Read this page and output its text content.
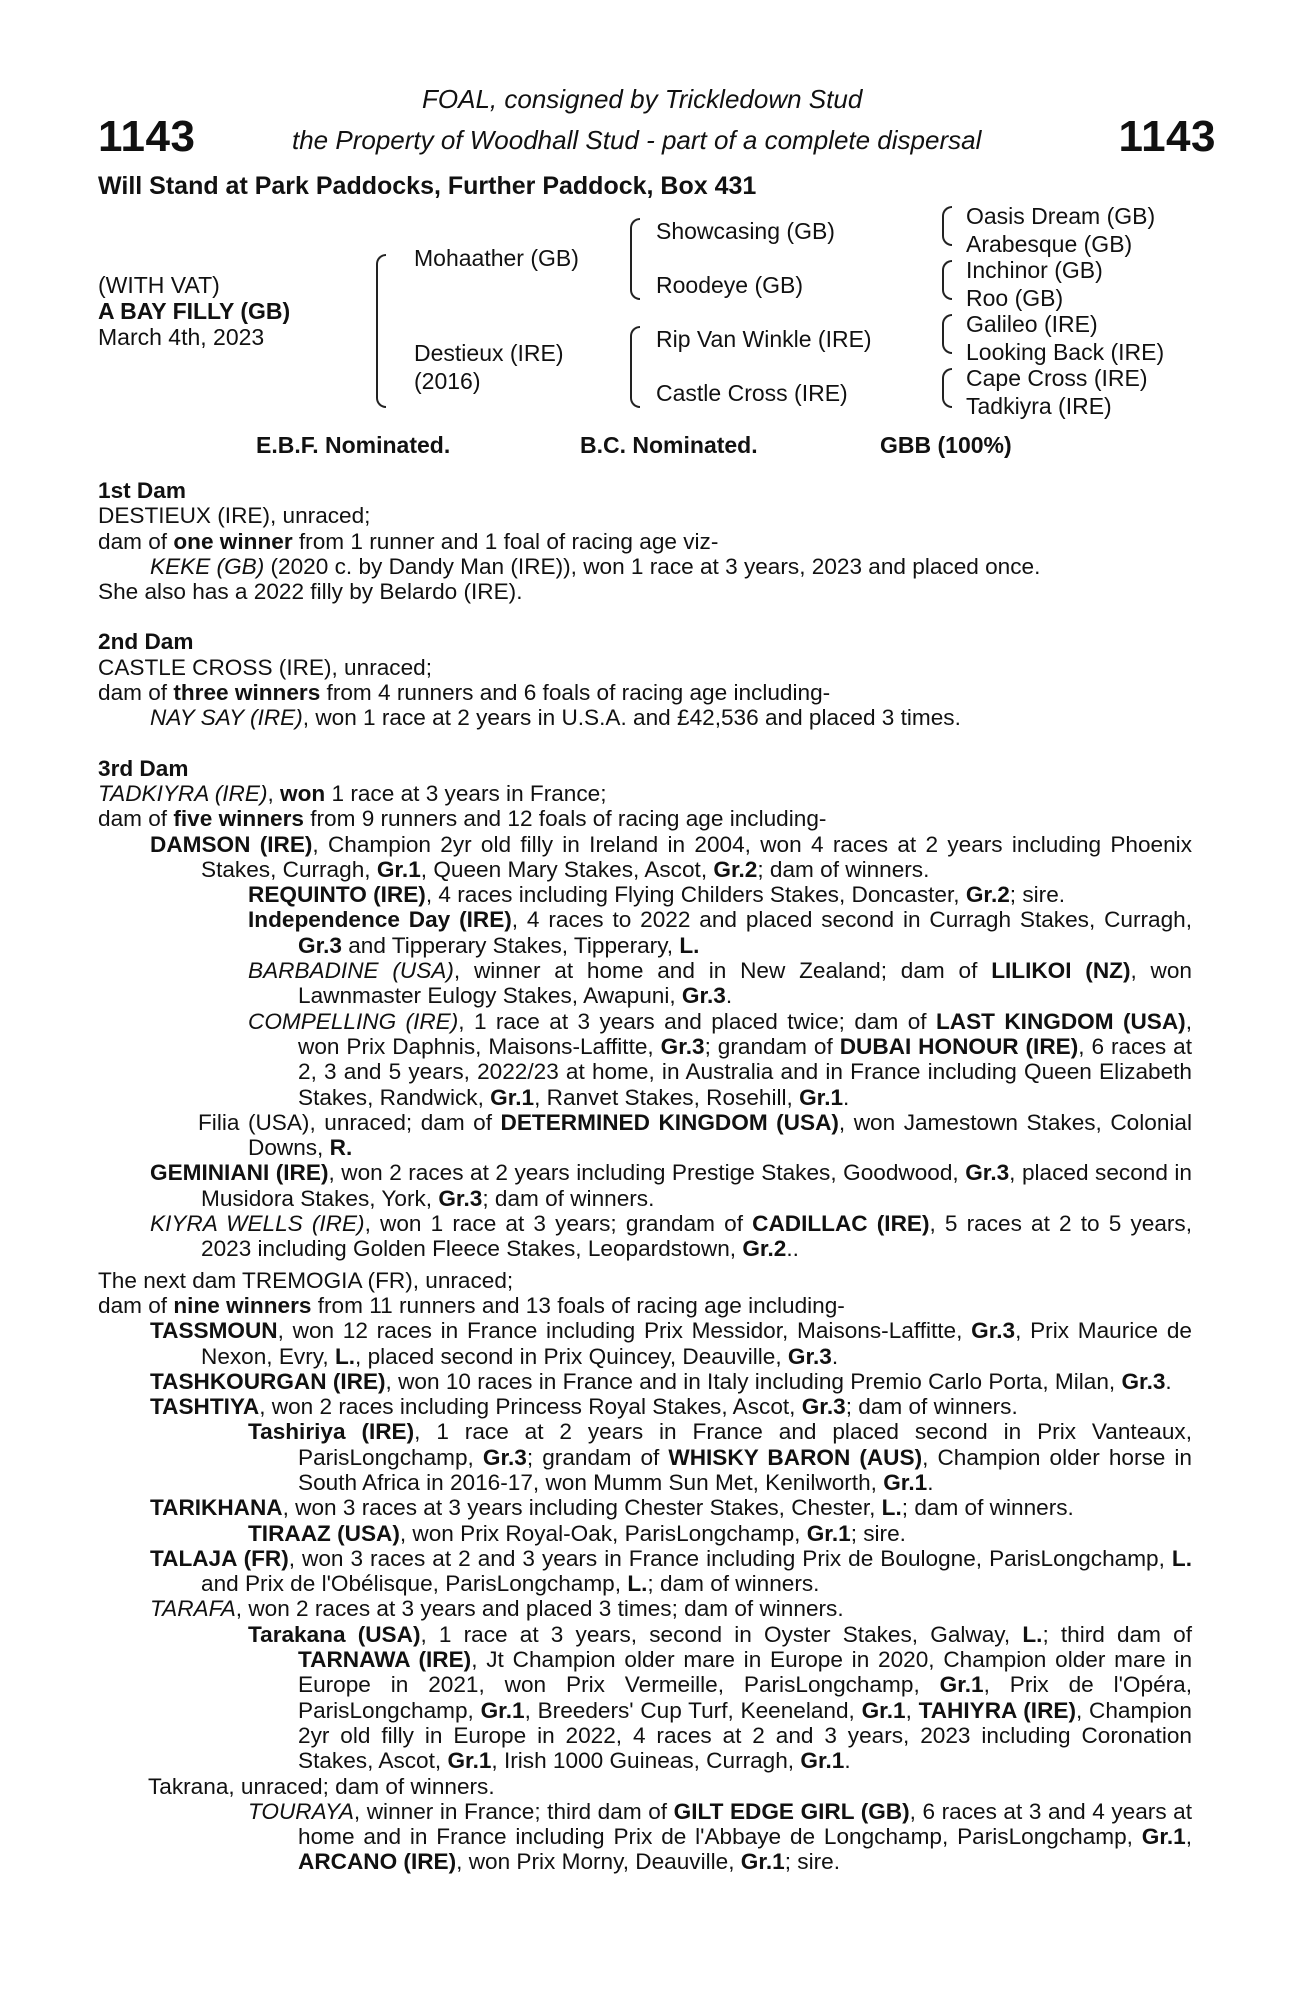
1143	1143
FOAL, consigned by Trickledown Stud
the Property of Woodhall Stud - part of a complete dispersal
Will Stand at Park Paddocks, Further Paddock, Box 431
(WITH VAT)
A BAY FILLY (GB)
March 4th, 2023
Mohaather (GB)
Destieux (IRE)
(2016)
Showcasing (GB)
Roodeye (GB)
Rip Van Winkle (IRE)
Castle Cross (IRE)
Oasis Dream (GB)
Arabesque (GB)
Inchinor (GB)
Roo (GB)
Galileo (IRE)
Looking Back (IRE)
Cape Cross (IRE)
Tadkiyra (IRE)
E.B.F. Nominated.	B.C. Nominated.	GBB (100%)
1st Dam

DESTIEUX (IRE), unraced;
dam of one winner from 1 runner and 1 foal of racing age viz-

KEKE (GB) (2020 c. by Dandy Man (IRE)), won 1 race at 3 years, 2023 and placed once.

She also has a 2022 filly by Belardo (IRE).

2nd Dam

CASTLE CROSS (IRE), unraced;
dam of three winners from 4 runners and 6 foals of racing age including-

NAY SAY (IRE), won 1 race at 2 years in U.S.A. and £42,536 and placed 3 times.

3rd Dam

TADKIYRA (IRE), won 1 race at 3 years in France;
dam of five winners from 9 runners and 12 foals of racing age including-

DAMSON (IRE), Champion 2yr old filly in Ireland in 2004, won 4 races at 2 years including Phoenix Stakes, Curragh, Gr.1, Queen Mary Stakes, Ascot, Gr.2; dam of winners.

REQUINTO (IRE), 4 races including Flying Childers Stakes, Doncaster, Gr.2; sire.

Independence Day (IRE), 4 races to 2022 and placed second in Curragh Stakes, Curragh, Gr.3 and Tipperary Stakes, Tipperary, L.

BARBADINE (USA), winner at home and in New Zealand; dam of LILIKOI (NZ), won Lawnmaster Eulogy Stakes, Awapuni, Gr.3.

COMPELLING (IRE), 1 race at 3 years and placed twice; dam of LAST KINGDOM (USA), won Prix Daphnis, Maisons-Laffitte, Gr.3; grandam of DUBAI HONOUR (IRE), 6 races at 2, 3 and 5 years, 2022/23 at home, in Australia and in France including Queen Elizabeth Stakes, Randwick, Gr.1, Ranvet Stakes, Rosehill, Gr.1.

Filia (USA), unraced; dam of DETERMINED KINGDOM (USA), won Jamestown Stakes, Colonial Downs, R.

GEMINIANI (IRE), won 2 races at 2 years including Prestige Stakes, Goodwood, Gr.3, placed second in Musidora Stakes, York, Gr.3; dam of winners.

KIYRA WELLS (IRE), won 1 race at 3 years; grandam of CADILLAC (IRE), 5 races at 2 to 5 years, 2023 including Golden Fleece Stakes, Leopardstown, Gr.2..

The next dam TREMOGIA (FR), unraced;
dam of nine winners from 11 runners and 13 foals of racing age including-

TASSMOUN, won 12 races in France including Prix Messidor, Maisons-Laffitte, Gr.3, Prix Maurice de Nexon, Evry, L., placed second in Prix Quincey, Deauville, Gr.3.

TASHKOURGAN (IRE), won 10 races in France and in Italy including Premio Carlo Porta, Milan, Gr.3.

TASHTIYA, won 2 races including Princess Royal Stakes, Ascot, Gr.3; dam of winners.

Tashiriya (IRE), 1 race at 2 years in France and placed second in Prix Vanteaux, ParisLongchamp, Gr.3; grandam of WHISKY BARON (AUS), Champion older horse in South Africa in 2016-17, won Mumm Sun Met, Kenilworth, Gr.1.

TARIKHANA, won 3 races at 3 years including Chester Stakes, Chester, L.; dam of winners.

TIRAAZ (USA), won Prix Royal-Oak, ParisLongchamp, Gr.1; sire.

TALAJA (FR), won 3 races at 2 and 3 years in France including Prix de Boulogne, ParisLongchamp, L. and Prix de l'Obélisque, ParisLongchamp, L.; dam of winners.

TARAFA, won 2 races at 3 years and placed 3 times; dam of winners.

Tarakana (USA), 1 race at 3 years, second in Oyster Stakes, Galway, L.; third dam of TARNAWA (IRE), Jt Champion older mare in Europe in 2020, Champion older mare in Europe in 2021, won Prix Vermeille, ParisLongchamp, Gr.1, Prix de l'Opéra, ParisLongchamp, Gr.1, Breeders' Cup Turf, Keeneland, Gr.1, TAHIYRA (IRE), Champion 2yr old filly in Europe in 2022, 4 races at 2 and 3 years, 2023 including Coronation Stakes, Ascot, Gr.1, Irish 1000 Guineas, Curragh, Gr.1.

Takrana, unraced; dam of winners.

TOURAYA, winner in France; third dam of GILT EDGE GIRL (GB), 6 races at 3 and 4 years at home and in France including Prix de l'Abbaye de Longchamp, ParisLongchamp, Gr.1, ARCANO (IRE), won Prix Morny, Deauville, Gr.1; sire.
